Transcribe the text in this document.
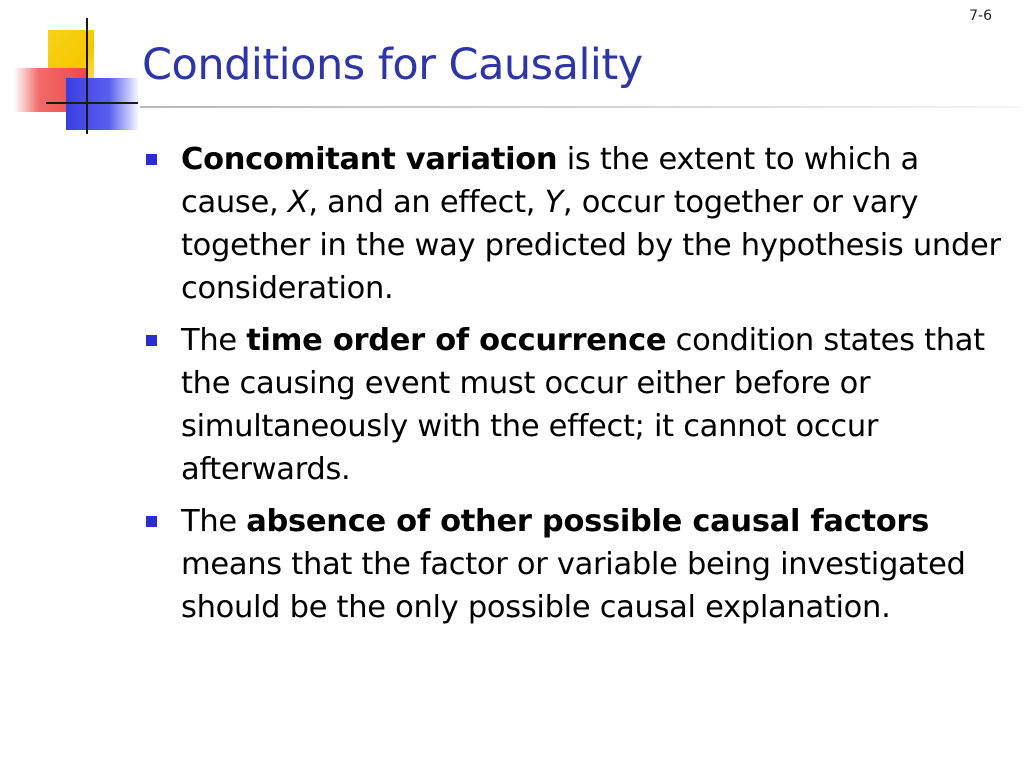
7-6
Conditions for Causality
Concomitant variation is the extent to which a cause, X, and an effect, Y, occur together or vary together in the way predicted by the hypothesis under consideration.
The time order of occurrence condition states that the causing event must occur either before or simultaneously with the effect; it cannot occur afterwards.
The absence of other possible causal factors means that the factor or variable being investigated should be the only possible causal explanation.
